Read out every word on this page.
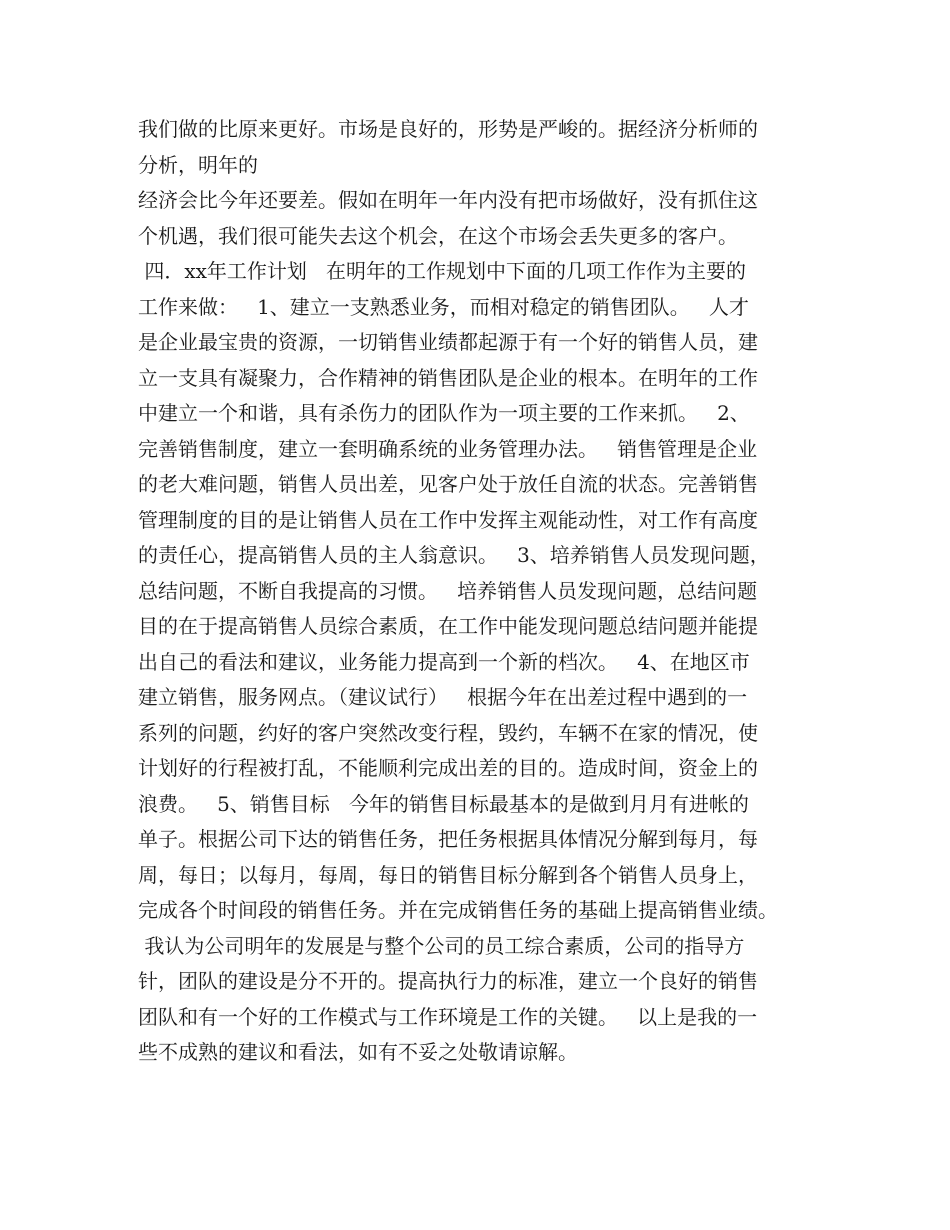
我们做的比原来更好。市场是良好的，形势是严峻的。据经济分析师的
分析，明年的
经济会比今年还要差。假如在明年一年内没有把市场做好，没有抓住这
个机遇，我们很可能失去这个机会，在这个市场会丢失更多的客户。
四．xx年工作计划   在明年的工作规划中下面的几项工作作为主要的
工作来做：   1、建立一支熟悉业务，而相对稳定的销售团队。   人才
是企业最宝贵的资源，一切销售业绩都起源于有一个好的销售人员，建
立一支具有凝聚力，合作精神的销售团队是企业的根本。在明年的工作
中建立一个和谐，具有杀伤力的团队作为一项主要的工作来抓。   2、
完善销售制度，建立一套明确系统的业务管理办法。   销售管理是企业
的老大难问题，销售人员出差，见客户处于放任自流的状态。完善销售
管理制度的目的是让销售人员在工作中发挥主观能动性，对工作有高度
的责任心，提高销售人员的主人翁意识。   3、培养销售人员发现问题，
总结问题，不断自我提高的习惯。   培养销售人员发现问题，总结问题
目的在于提高销售人员综合素质，在工作中能发现问题总结问题并能提
出自己的看法和建议，业务能力提高到一个新的档次。   4、在地区市
建立销售，服务网点。（建议试行）   根据今年在出差过程中遇到的一
系列的问题，约好的客户突然改变行程，毁约，车辆不在家的情况，使
计划好的行程被打乱，不能顺利完成出差的目的。造成时间，资金上的
浪费。   5、销售目标   今年的销售目标最基本的是做到月月有进帐的
单子。根据公司下达的销售任务，把任务根据具体情况分解到每月，每
周，每日；以每月，每周，每日的销售目标分解到各个销售人员身上，
完成各个时间段的销售任务。并在完成销售任务的基础上提高销售业绩。
我认为公司明年的发展是与整个公司的员工综合素质，公司的指导方
针，团队的建设是分不开的。提高执行力的标准，建立一个良好的销售
团队和有一个好的工作模式与工作环境是工作的关键。   以上是我的一
些不成熟的建议和看法，如有不妥之处敬请谅解。
